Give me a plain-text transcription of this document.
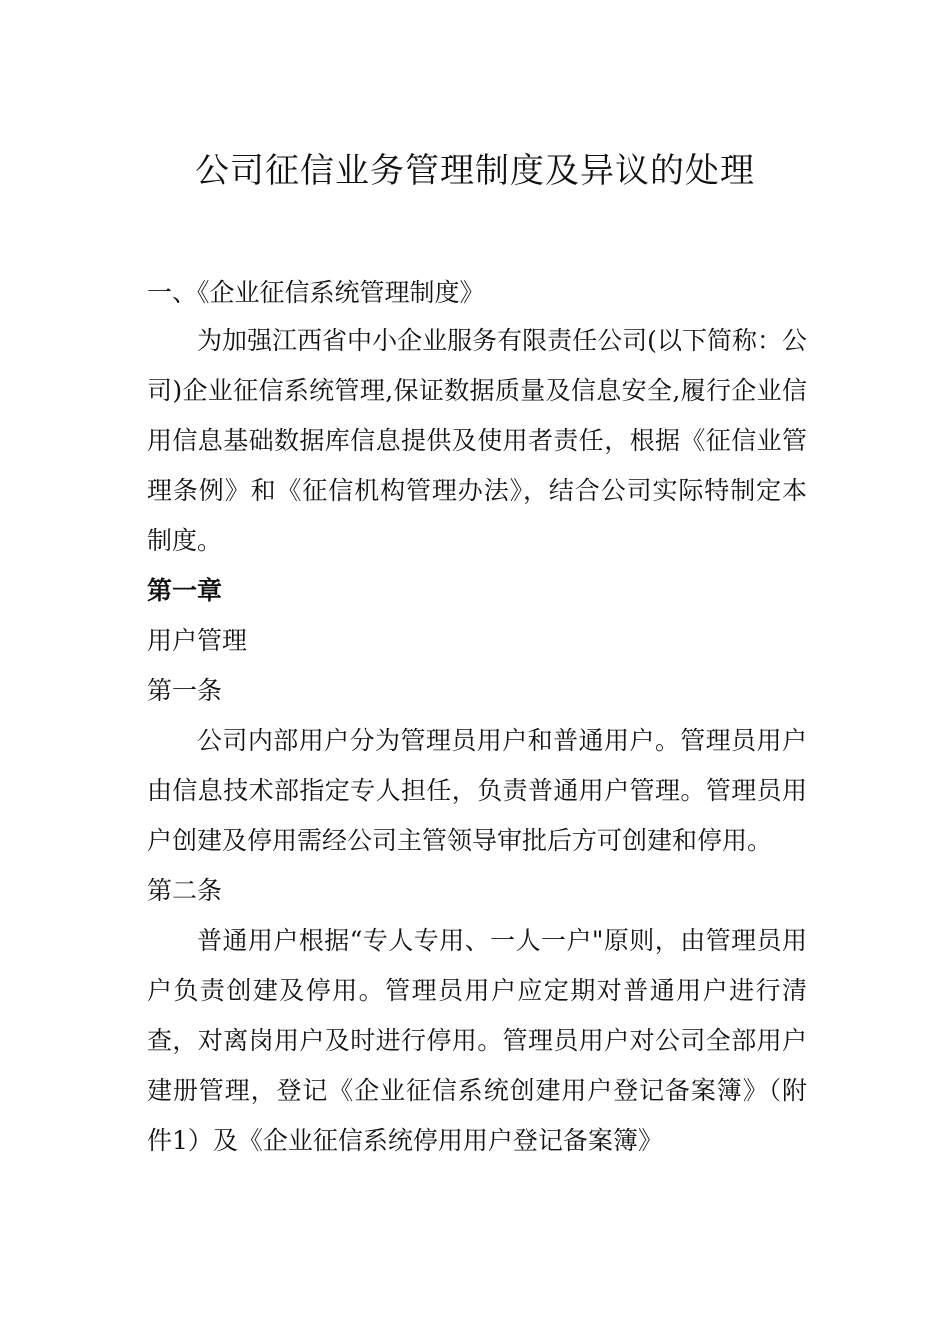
公司征信业务管理制度及异议的处理
一、《企业征信系统管理制度》

为加强江西省中小企业服务有限责任公司(以下简称：公司)企业征信系统管理,保证数据质量及信息安全,履行企业信用信息基础数据库信息提供及使用者责任，根据《征信业管理条例》和《征信机构管理办法》，结合公司实际特制定本制度。

第一章

用户管理

第一条

公司内部用户分为管理员用户和普通用户。管理员用户由信息技术部指定专人担任，负责普通用户管理。管理员用户创建及停用需经公司主管领导审批后方可创建和停用。

第二条

普通用户根据“专人专用、一人一户"原则，由管理员用户负责创建及停用。管理员用户应定期对普通用户进行清查，对离岗用户及时进行停用。管理员用户对公司全部用户建册管理，登记《企业征信系统创建用户登记备案簿》（附件1）及《企业征信系统停用用户登记备案簿》
